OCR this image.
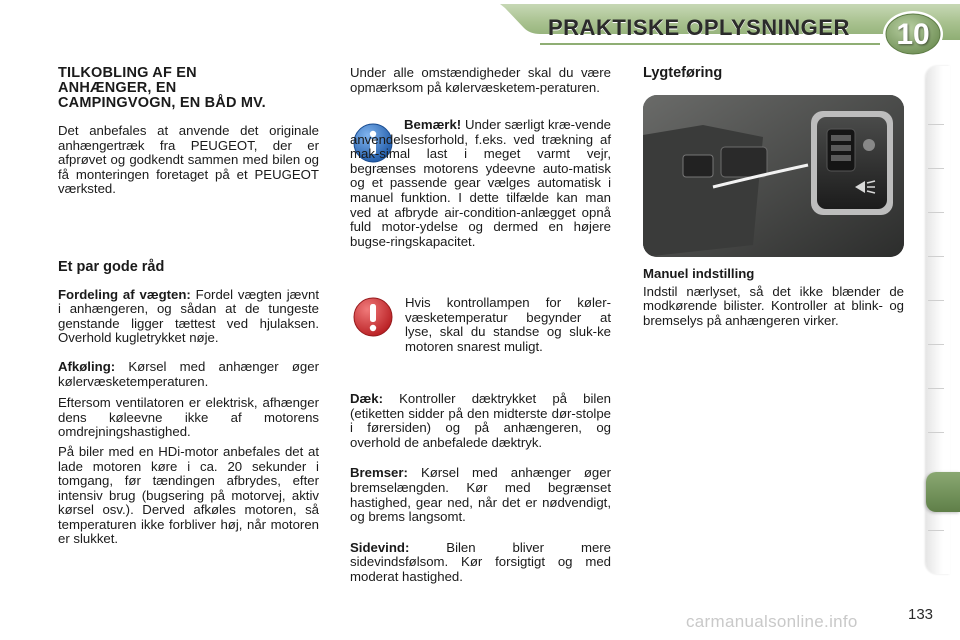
PRAKTISKE OPLYSNINGER	10
TILKOBLING AF EN ANHÆNGER, EN CAMPINGVOGN, EN BÅD MV.

Det anbefales at anvende det originale anhængertræk fra PEUGEOT, der er afprøvet og godkendt sammen med bilen og få monteringen foretaget på et PEUGEOT værksted.

Et par gode råd

Fordeling af vægten: Fordel vægten jævnt i anhængeren, og sådan at de tungeste genstande ligger tættest ved hjulaksen. Overhold kugletrykket nøje.

Afkøling: Kørsel med anhænger øger kølervæsketemperaturen.

Eftersom ventilatoren er elektrisk, afhænger dens køleevne ikke af motorens omdrejningshastighed.

På biler med en HDi-motor anbefales det at lade motoren køre i ca. 20 sekunder i tomgang, før tændingen afbrydes, efter intensiv brug (bugsering på motorvej, aktiv kørsel osv.). Derved afkøles motoren, så temperaturen ikke forbliver høj, når motoren er slukket.

Under alle omstændigheder skal du være opmærksom på kølervæsketem-peraturen.

Bemærk! Under særligt kræ-vende anvendelsesforhold, f.eks. ved trækning af mak-simal last i meget varmt vejr, begrænses motorens ydeevne auto-matisk og et passende gear vælges automatisk i manuel funktion. I dette tilfælde kan man ved at afbryde air-condition-anlægget opnå fuld motor-ydelse og dermed en højere bugse-ringskapacitet.

Hvis kontrollampen for køler-væsketemperatur begynder at lyse, skal du standse og sluk-ke motoren snarest muligt.

Dæk: Kontroller dæktrykket på bilen (etiketten sidder på den midterste dør-stolpe i førersiden) og på anhængeren, og overhold de anbefalede dæktryk.

Bremser: Kørsel med anhænger øger bremselængden. Kør med begrænset hastighed, gear ned, når det er nødvendigt, og brems langsomt.

Sidevind: Bilen bliver mere sidevindsfølsom. Kør forsigtigt og med moderat hastighed.

Lygteføring
Manuel indstilling

Indstil nærlyset, så det ikke blænder de modkørende bilister. Kontroller at blink- og bremselys på anhængeren virker.

carmanualsonline.info	133
